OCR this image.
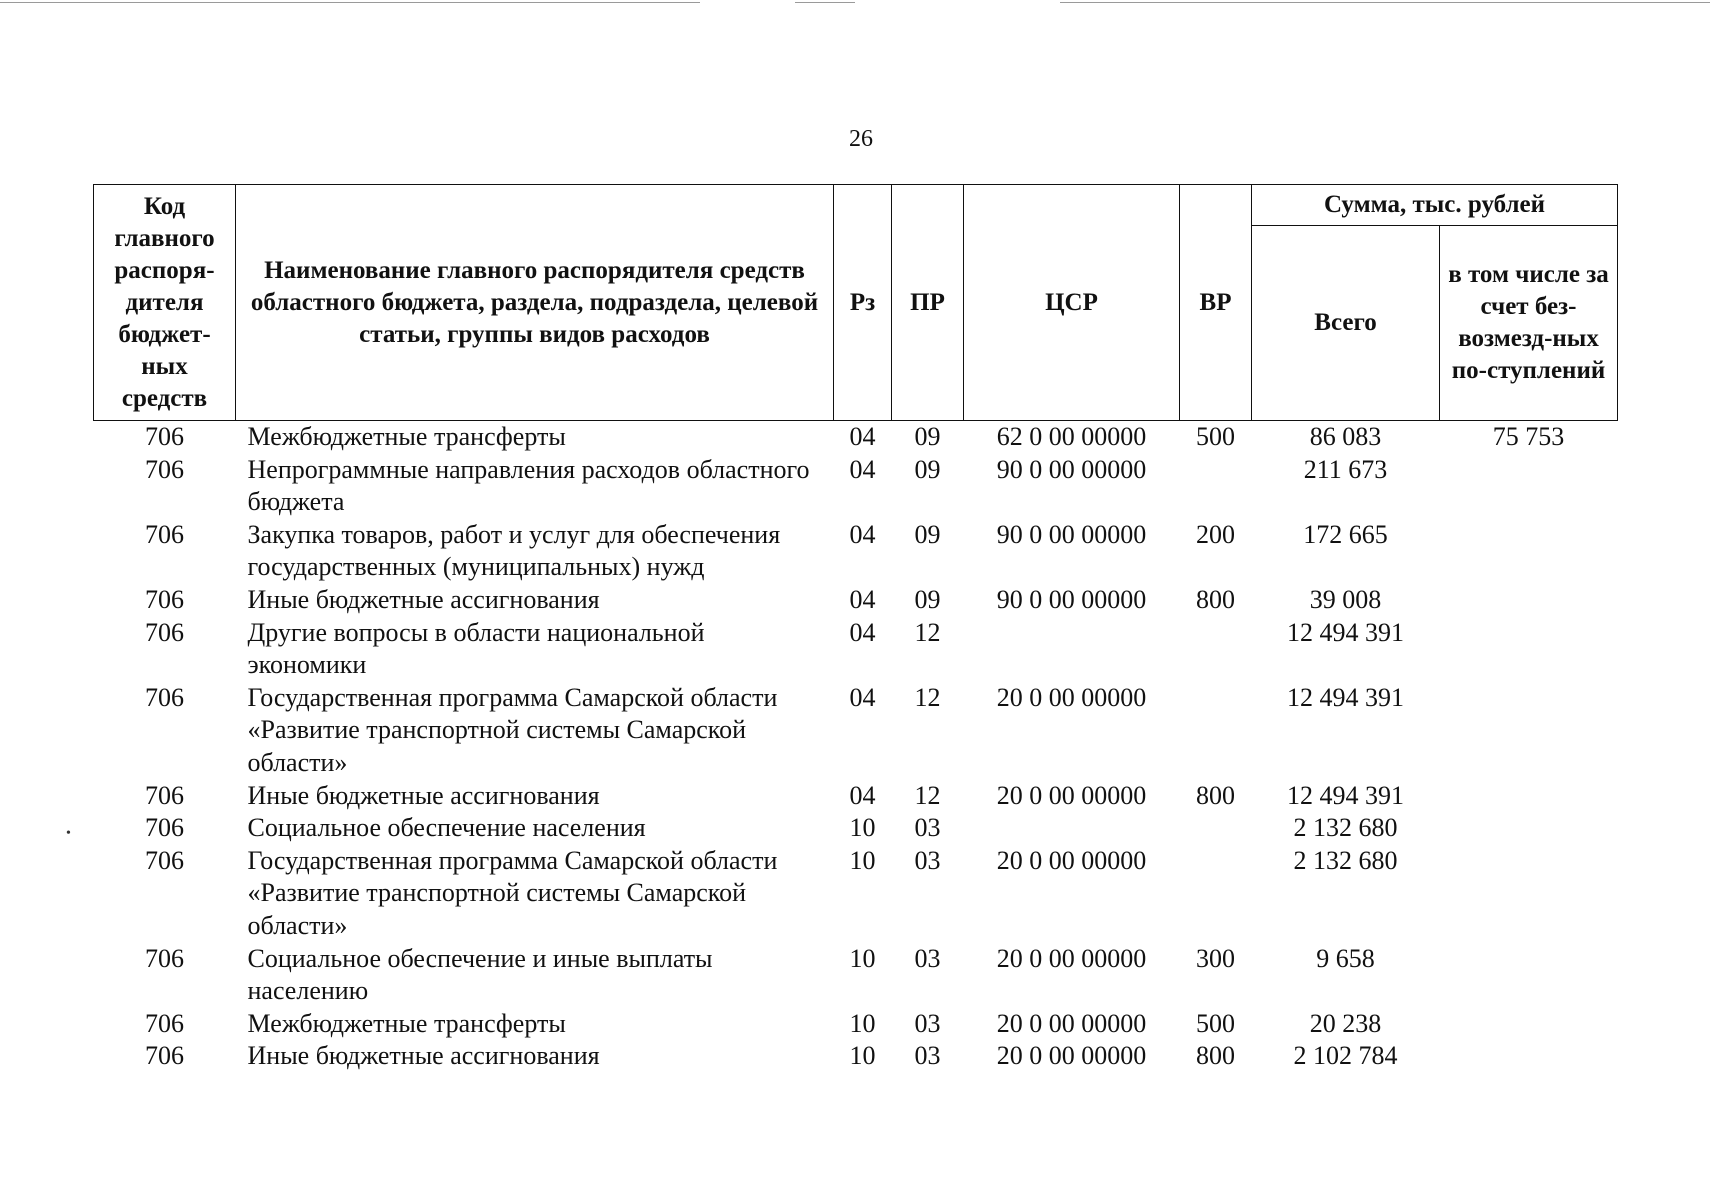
26
•
Код главного распоря-дителя бюджет-ных средств	Наименование главного распорядителя средств областного бюджета, раздела, подраздела, целевой статьи, группы видов расходов	Рз	ПР	ЦСР	ВР	Сумма, тыс. рублей	
						Всего	в том числе за счет без-возмезд-ных по-ступлений
706	Межбюджетные трансферты	04	09	62 0 00 00000	500	86 083	75 753
706	Непрограммные направления расходов областного бюджета	04	09	90 0 00 00000		211 673	
706	Закупка товаров, работ и услуг для обеспечения государственных (муниципальных) нужд	04	09	90 0 00 00000	200	172 665	
706	Иные бюджетные ассигнования	04	09	90 0 00 00000	800	39 008	
706	Другие вопросы в области национальной экономики	04	12			12 494 391	
706	Государственная программа Самарской области «Развитие транспортной системы Самарской области»	04	12	20 0 00 00000		12 494 391	
706	Иные бюджетные ассигнования	04	12	20 0 00 00000	800	12 494 391	
706	Социальное обеспечение населения	10	03			2 132 680	
706	Государственная программа Самарской области «Развитие транспортной системы Самарской области»	10	03	20 0 00 00000		2 132 680	
706	Социальное обеспечение и иные выплаты населению	10	03	20 0 00 00000	300	9 658	
706	Межбюджетные трансферты	10	03	20 0 00 00000	500	20 238	
706	Иные бюджетные ассигнования	10	03	20 0 00 00000	800	2 102 784	
